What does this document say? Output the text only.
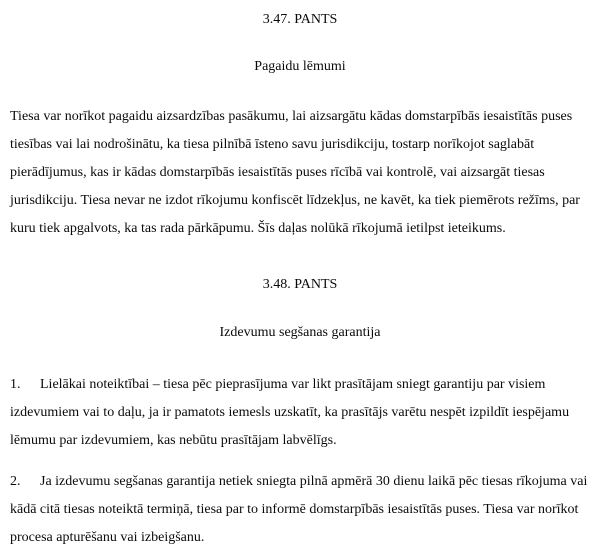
3.47. PANTS

Pagaidu lēmumi

Tiesa var norīkot pagaidu aizsardzības pasākumu, lai aizsargātu kādas domstarpībās iesaistītās puses tiesības vai lai nodrošinātu, ka tiesa pilnībā īsteno savu jurisdikciju, tostarp norīkojot saglabāt pierādījumus, kas ir kādas domstarpībās iesaistītās puses rīcībā vai kontrolē, vai aizsargāt tiesas jurisdikciju. Tiesa nevar ne izdot rīkojumu konfiscēt līdzekļus, ne kavēt, ka tiek piemērots režīms, par kuru tiek apgalvots, ka tas rada pārkāpumu. Šīs daļas nolūkā rīkojumā ietilpst ieteikums.

3.48. PANTS

Izdevumu segšanas garantija

1. Lielākai noteiktībai – tiesa pēc pieprasījuma var likt prasītājam sniegt garantiju par visiem izdevumiem vai to daļu, ja ir pamatots iemesls uzskatīt, ka prasītājs varētu nespēt izpildīt iespējamu lēmumu par izdevumiem, kas nebūtu prasītājam labvēlīgs.

2. Ja izdevumu segšanas garantija netiek sniegta pilnā apmērā 30 dienu laikā pēc tiesas rīkojuma vai kādā citā tiesas noteiktā termiņā, tiesa par to informē domstarpībās iesaistītās puses. Tiesa var norīkot procesa apturēšanu vai izbeigšanu.
